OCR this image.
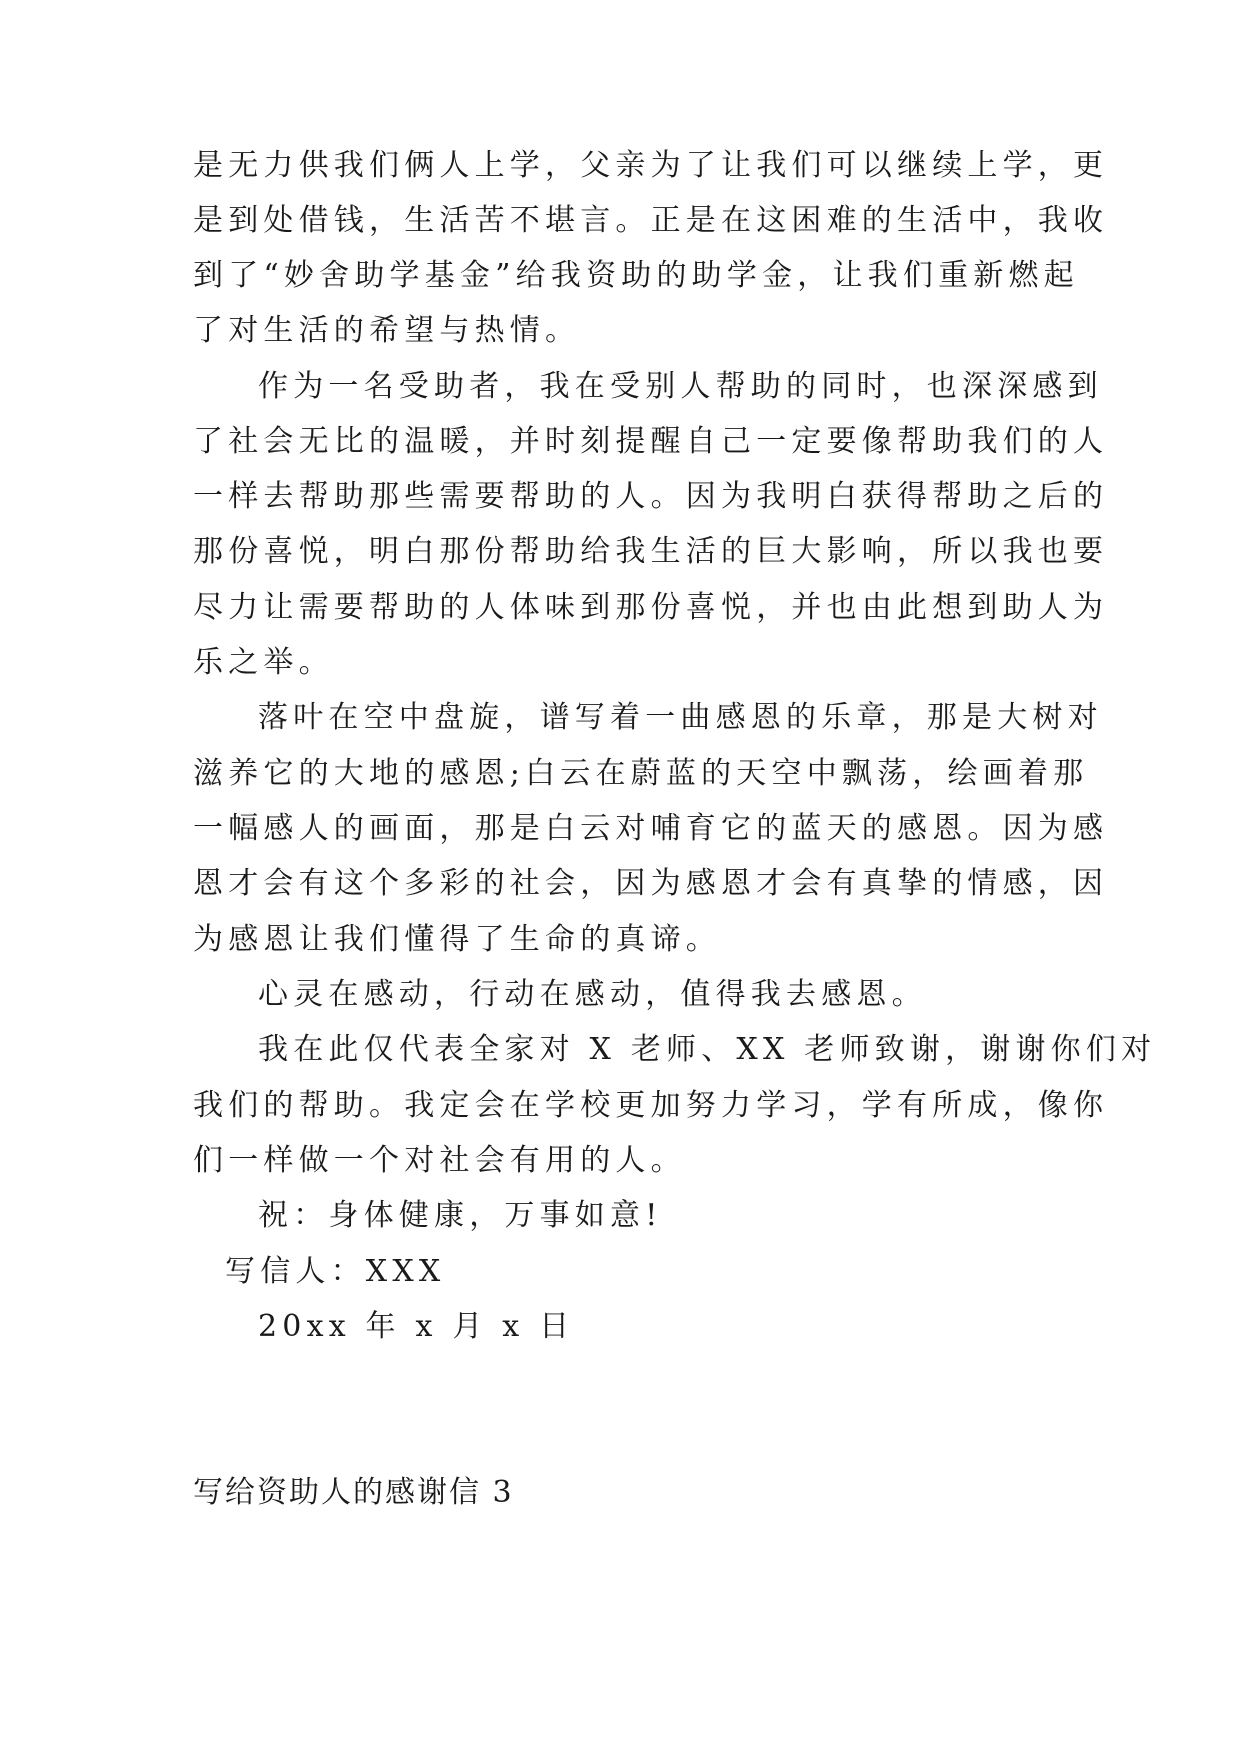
是无力供我们俩人上学，父亲为了让我们可以继续上学，更
是到处借钱，生活苦不堪言。正是在这困难的生活中，我收
到了“妙舍助学基金”给我资助的助学金，让我们重新燃起
了对生活的希望与热情。
作为一名受助者，我在受别人帮助的同时，也深深感到
了社会无比的温暖，并时刻提醒自己一定要像帮助我们的人
一样去帮助那些需要帮助的人。因为我明白获得帮助之后的
那份喜悦，明白那份帮助给我生活的巨大影响，所以我也要
尽力让需要帮助的人体味到那份喜悦，并也由此想到助人为
乐之举。
落叶在空中盘旋，谱写着一曲感恩的乐章，那是大树对
滋养它的大地的感恩;白云在蔚蓝的天空中飘荡，绘画着那
一幅感人的画面，那是白云对哺育它的蓝天的感恩。因为感
恩才会有这个多彩的社会，因为感恩才会有真挚的情感，因
为感恩让我们懂得了生命的真谛。
心灵在感动，行动在感动，值得我去感恩。
我在此仅代表全家对 X 老师、XX 老师致谢，谢谢你们对
我们的帮助。我定会在学校更加努力学习，学有所成，像你
们一样做一个对社会有用的人。
祝：身体健康，万事如意!
写信人：XXX
20xx 年 x 月 x 日
写给资助人的感谢信 3
